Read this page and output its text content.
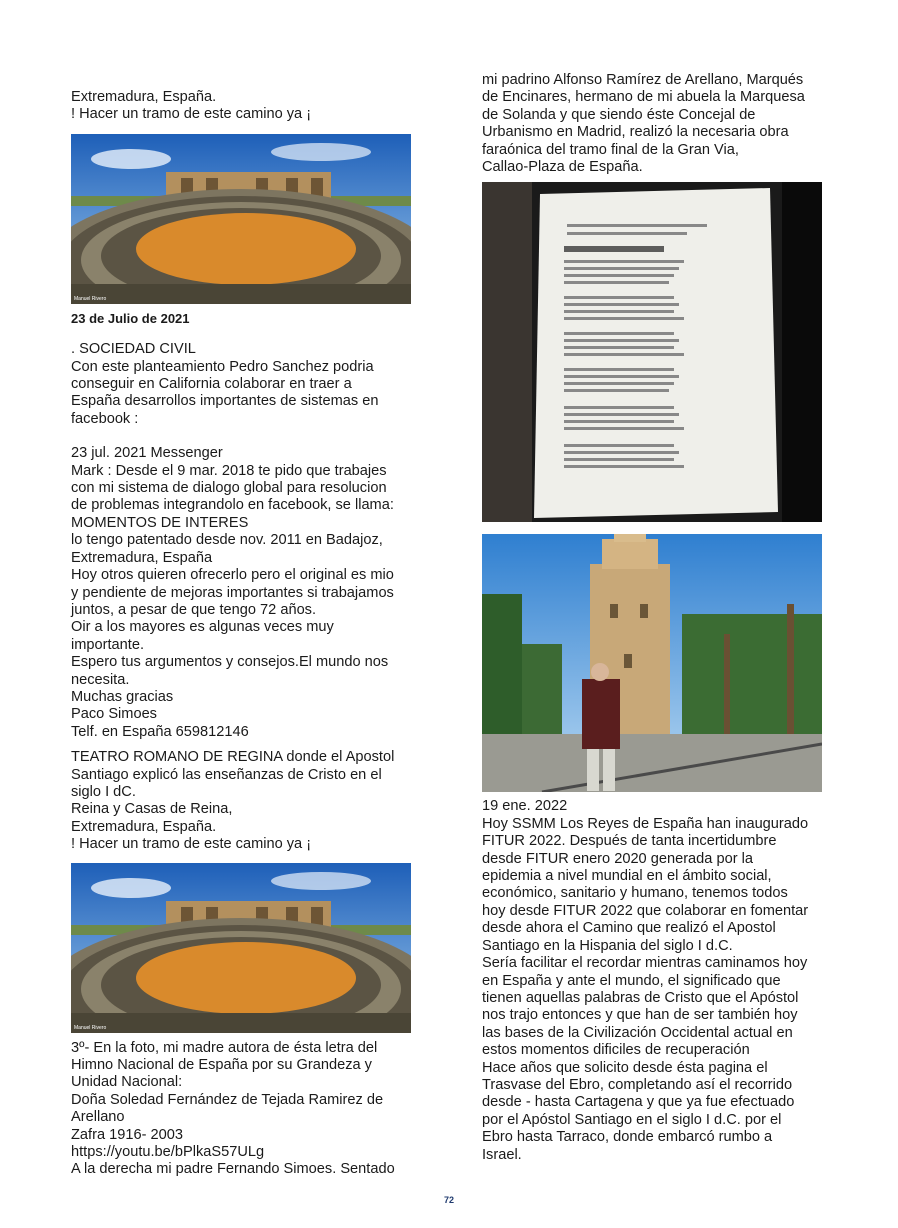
Extremadura, España.

! Hacer un tramo de este camino ya ¡

Manuel Rivero
23 de Julio de 2021

. SOCIEDAD CIVIL

Con este planteamiento Pedro Sanchez podria

conseguir en California colaborar en traer a

España desarrollos importantes de sistemas en

facebook :

23 jul. 2021 Messenger

Mark : Desde el 9 mar. 2018 te pido que trabajes

con mi sistema de dialogo global para resolucion

de problemas integrandolo en facebook, se llama:

MOMENTOS DE INTERES

lo tengo patentado desde nov. 2011 en Badajoz,

Extremadura, España

Hoy otros quieren ofrecerlo pero el original es mio

y pendiente de mejoras importantes si trabajamos

juntos, a pesar de que tengo 72 años.

Oir a los mayores es algunas veces muy

importante.

Espero tus argumentos y consejos.El mundo nos

necesita.

Muchas gracias

Paco Simoes

Telf. en España 659812146

TEATRO ROMANO DE REGINA donde el Apostol

Santiago explicó las enseñanzas de Cristo en el

siglo I dC.

Reina y Casas de Reina,

Extremadura, España.

! Hacer un tramo de este camino ya ¡

Manuel Rivero

3º- En la foto, mi madre autora de ésta letra del

Himno Nacional de España por su Grandeza y

Unidad Nacional:

Doña Soledad Fernández de Tejada Ramirez de

Arellano

Zafra 1916- 2003

https://youtu.be/bPlkaS57ULg

A la derecha mi padre Fernando Simoes. Sentado

mi padrino Alfonso Ramírez de Arellano, Marqués

de Encinares, hermano de mi abuela la Marquesa

de Solanda y que siendo éste Concejal de

Urbanismo en Madrid, realizó la necesaria obra

faraónica del tramo final de la Gran Via,

Callao-Plaza de España.

19 ene. 2022

Hoy SSMM Los Reyes de España han inaugurado

FITUR 2022. Después de tanta incertidumbre

desde FITUR enero 2020 generada por la

epidemia a nivel mundial en el ámbito social,

económico, sanitario y humano, tenemos todos

hoy desde FITUR 2022 que colaborar en fomentar

desde ahora el Camino que realizó el Apostol

Santiago en la Hispania del siglo I d.C.

Sería facilitar el recordar mientras caminamos hoy

en España y ante el mundo, el significado que

tienen aquellas palabras de Cristo que el Apóstol

nos trajo entonces y que han de ser también hoy

las bases de la Civilización Occidental actual en

estos momentos dificiles de recuperación

Hace años que solicito desde ésta pagina el

Trasvase del Ebro, completando así el recorrido

desde - hasta Cartagena y que ya fue efectuado

por el Apóstol Santiago en el siglo I d.C. por el

Ebro hasta Tarraco, donde embarcó rumbo a

Israel.

72
